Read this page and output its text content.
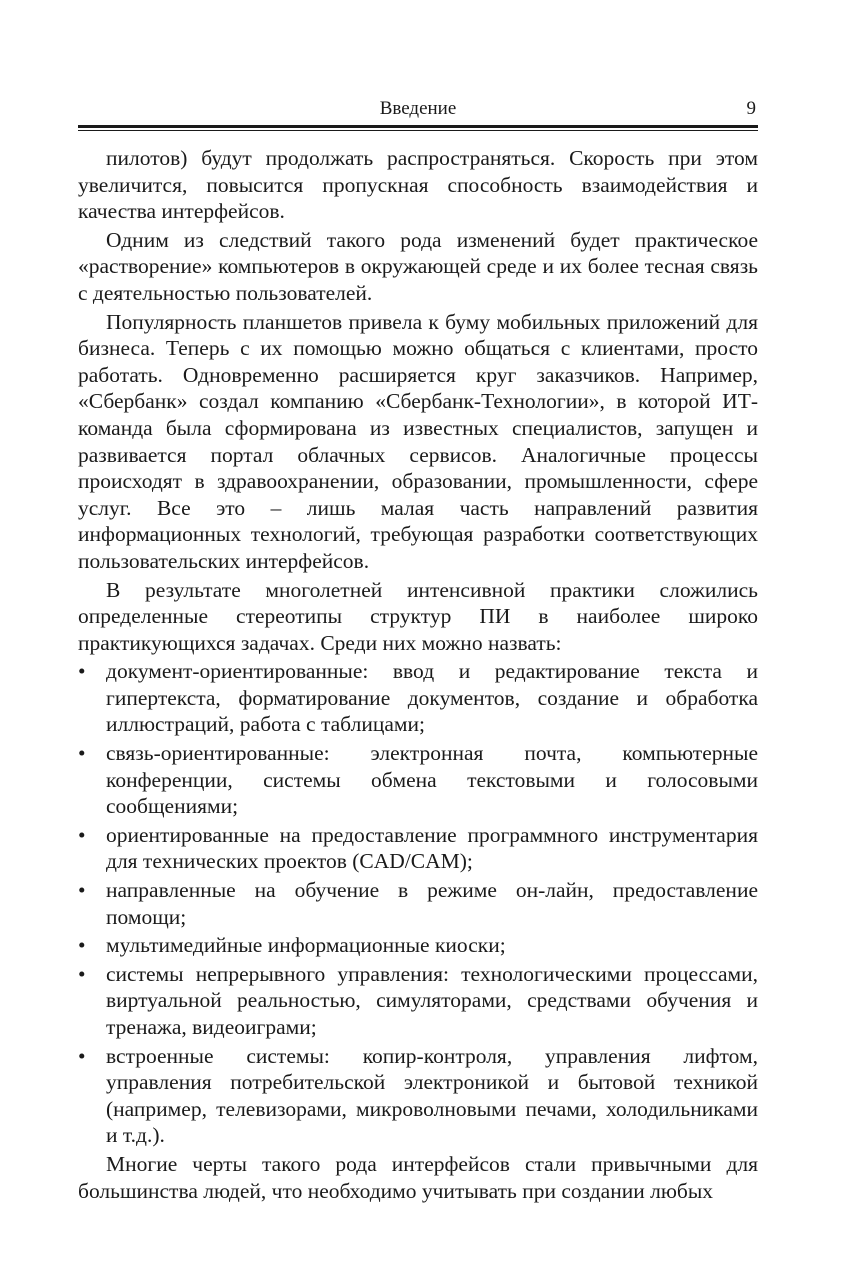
Введение	9

пилотов) будут продолжать распространяться. Скорость при этом увеличится, повысится пропускная способность взаимодействия и качества интерфейсов.

Одним из следствий такого рода изменений будет практическое «растворение» компьютеров в окружающей среде и их более тесная связь с деятельностью пользователей.

Популярность планшетов привела к буму мобильных приложений для бизнеса. Теперь с их помощью можно общаться с клиентами, просто работать. Одновременно расширяется круг заказчиков. Например, «Сбербанк» создал компанию «Сбербанк-Технологии», в которой ИТ-команда была сформирована из известных специалистов, запущен и развивается портал облачных сервисов. Аналогичные процессы происходят в здравоохранении, образовании, промышленности, сфере услуг. Все это – лишь малая часть направлений развития информационных технологий, требующая разработки соответствующих пользовательских интерфейсов.

В результате многолетней интенсивной практики сложились определенные стереотипы структур ПИ в наиболее широко практикующихся задачах. Среди них можно назвать:

• документ-ориентированные: ввод и редактирование текста и гипертекста, форматирование документов, создание и обработка иллюстраций, работа с таблицами;
• связь-ориентированные: электронная почта, компьютерные конференции, системы обмена текстовыми и голосовыми сообщениями;
• ориентированные на предоставление программного инструментария для технических проектов (CAD/CAM);
• направленные на обучение в режиме он-лайн, предоставление помощи;
• мультимедийные информационные киоски;
• системы непрерывного управления: технологическими процессами, виртуальной реальностью, симуляторами, средствами обучения и тренажа, видеоиграми;
• встроенные системы: копир-контроля, управления лифтом, управления потребительской электроникой и бытовой техникой (например, телевизорами, микроволновыми печами, холодильниками и т.д.).

Многие черты такого рода интерфейсов стали привычными для большинства людей, что необходимо учитывать при создании любых
